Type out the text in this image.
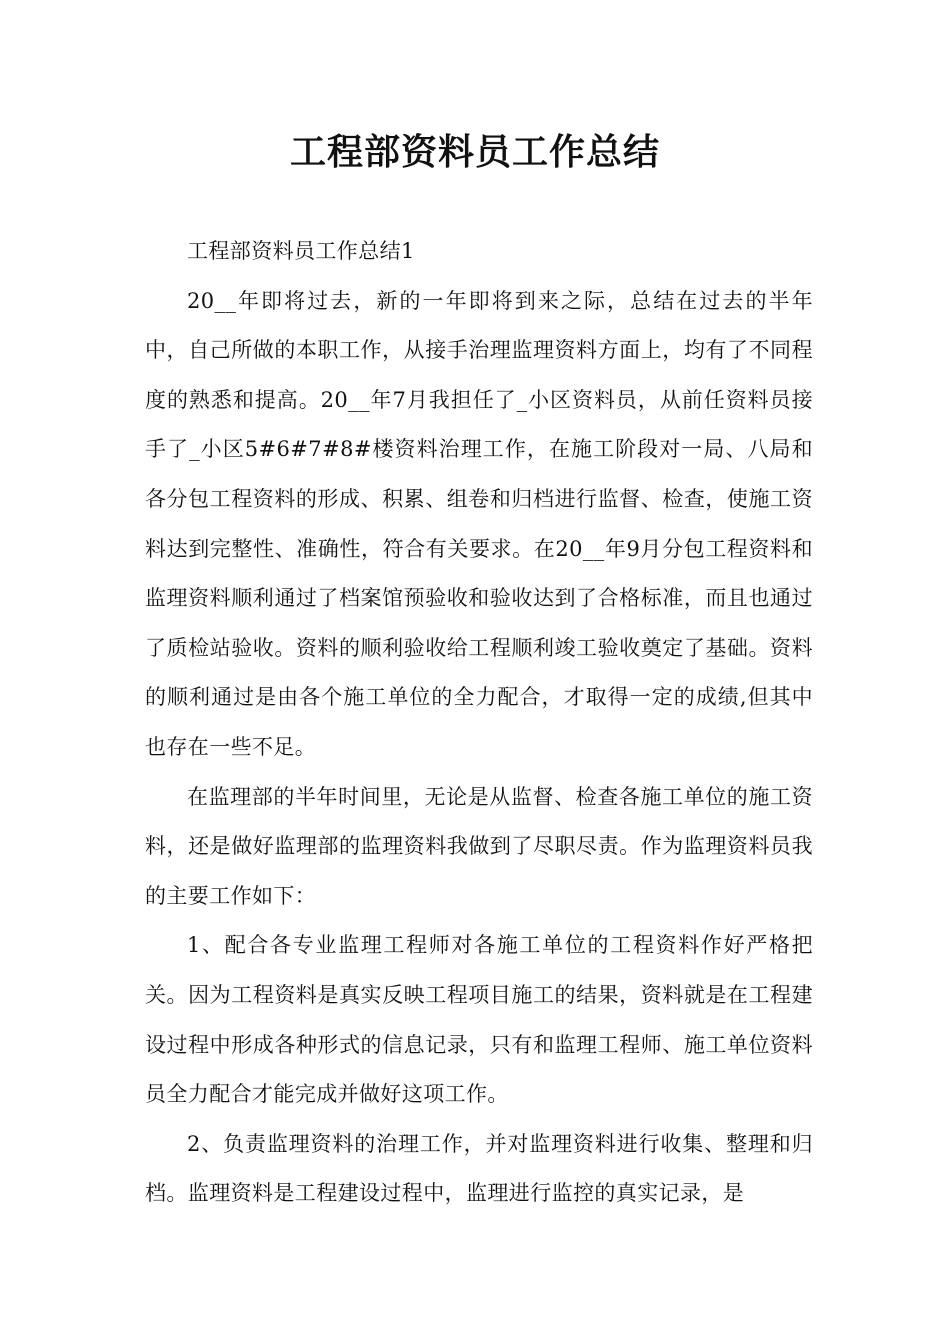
工程部资料员工作总结

工程部资料员工作总结1

20__年即将过去，新的一年即将到来之际，总结在过去的半年中，自己所做的本职工作，从接手治理监理资料方面上，均有了不同程度的熟悉和提高。20__年7月我担任了_小区资料员，从前任资料员接手了_小区5#6#7#8#楼资料治理工作，在施工阶段对一局、八局和各分包工程资料的形成、积累、组卷和归档进行监督、检查，使施工资料达到完整性、准确性，符合有关要求。在20__年9月分包工程资料和监理资料顺利通过了档案馆预验收和验收达到了合格标准，而且也通过了质检站验收。资料的顺利验收给工程顺利竣工验收奠定了基础。资料的顺利通过是由各个施工单位的全力配合，才取得一定的成绩,但其中也存在一些不足。

在监理部的半年时间里，无论是从监督、检查各施工单位的施工资料，还是做好监理部的监理资料我做到了尽职尽责。作为监理资料员我的主要工作如下：

1、配合各专业监理工程师对各施工单位的工程资料作好严格把关。因为工程资料是真实反映工程项目施工的结果，资料就是在工程建设过程中形成各种形式的信息记录，只有和监理工程师、施工单位资料员全力配合才能完成并做好这项工作。

2、负责监理资料的治理工作，并对监理资料进行收集、整理和归档。监理资料是工程建设过程中，监理进行监控的真实记录，是
